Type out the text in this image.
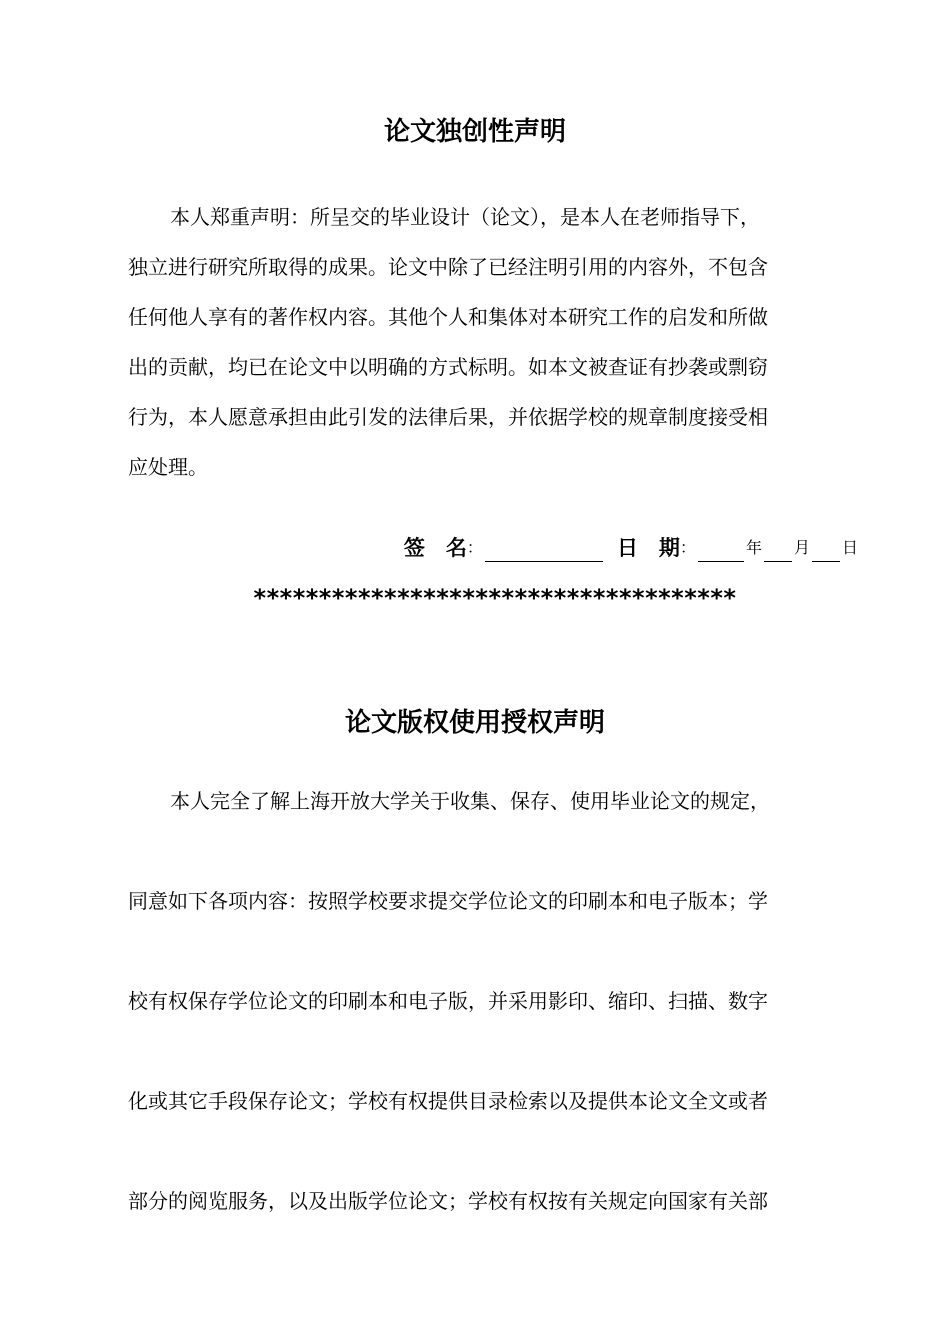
论文独创性声明
本人郑重声明：所呈交的毕业设计（论文），是本人在老师指导下，
独立进行研究所取得的成果。论文中除了已经注明引用的内容外，不包含
任何他人享有的著作权内容。其他个人和集体对本研究工作的启发和所做
出的贡献，均已在论文中以明确的方式标明。如本文被查证有抄袭或剽窃
行为，本人愿意承担由此引发的法律后果，并依据学校的规章制度接受相
应处理。
签　名 ：	日　期 ：	年 月 日
*************************************
论文版权使用授权声明
本人完全了解上海开放大学关于收集、保存、使用毕业论文的规定，
同意如下各项内容：按照学校要求提交学位论文的印刷本和电子版本；学
校有权保存学位论文的印刷本和电子版，并采用影印、缩印、扫描、数字
化或其它手段保存论文；学校有权提供目录检索以及提供本论文全文或者
部分的阅览服务，以及出版学位论文；学校有权按有关规定向国家有关部
